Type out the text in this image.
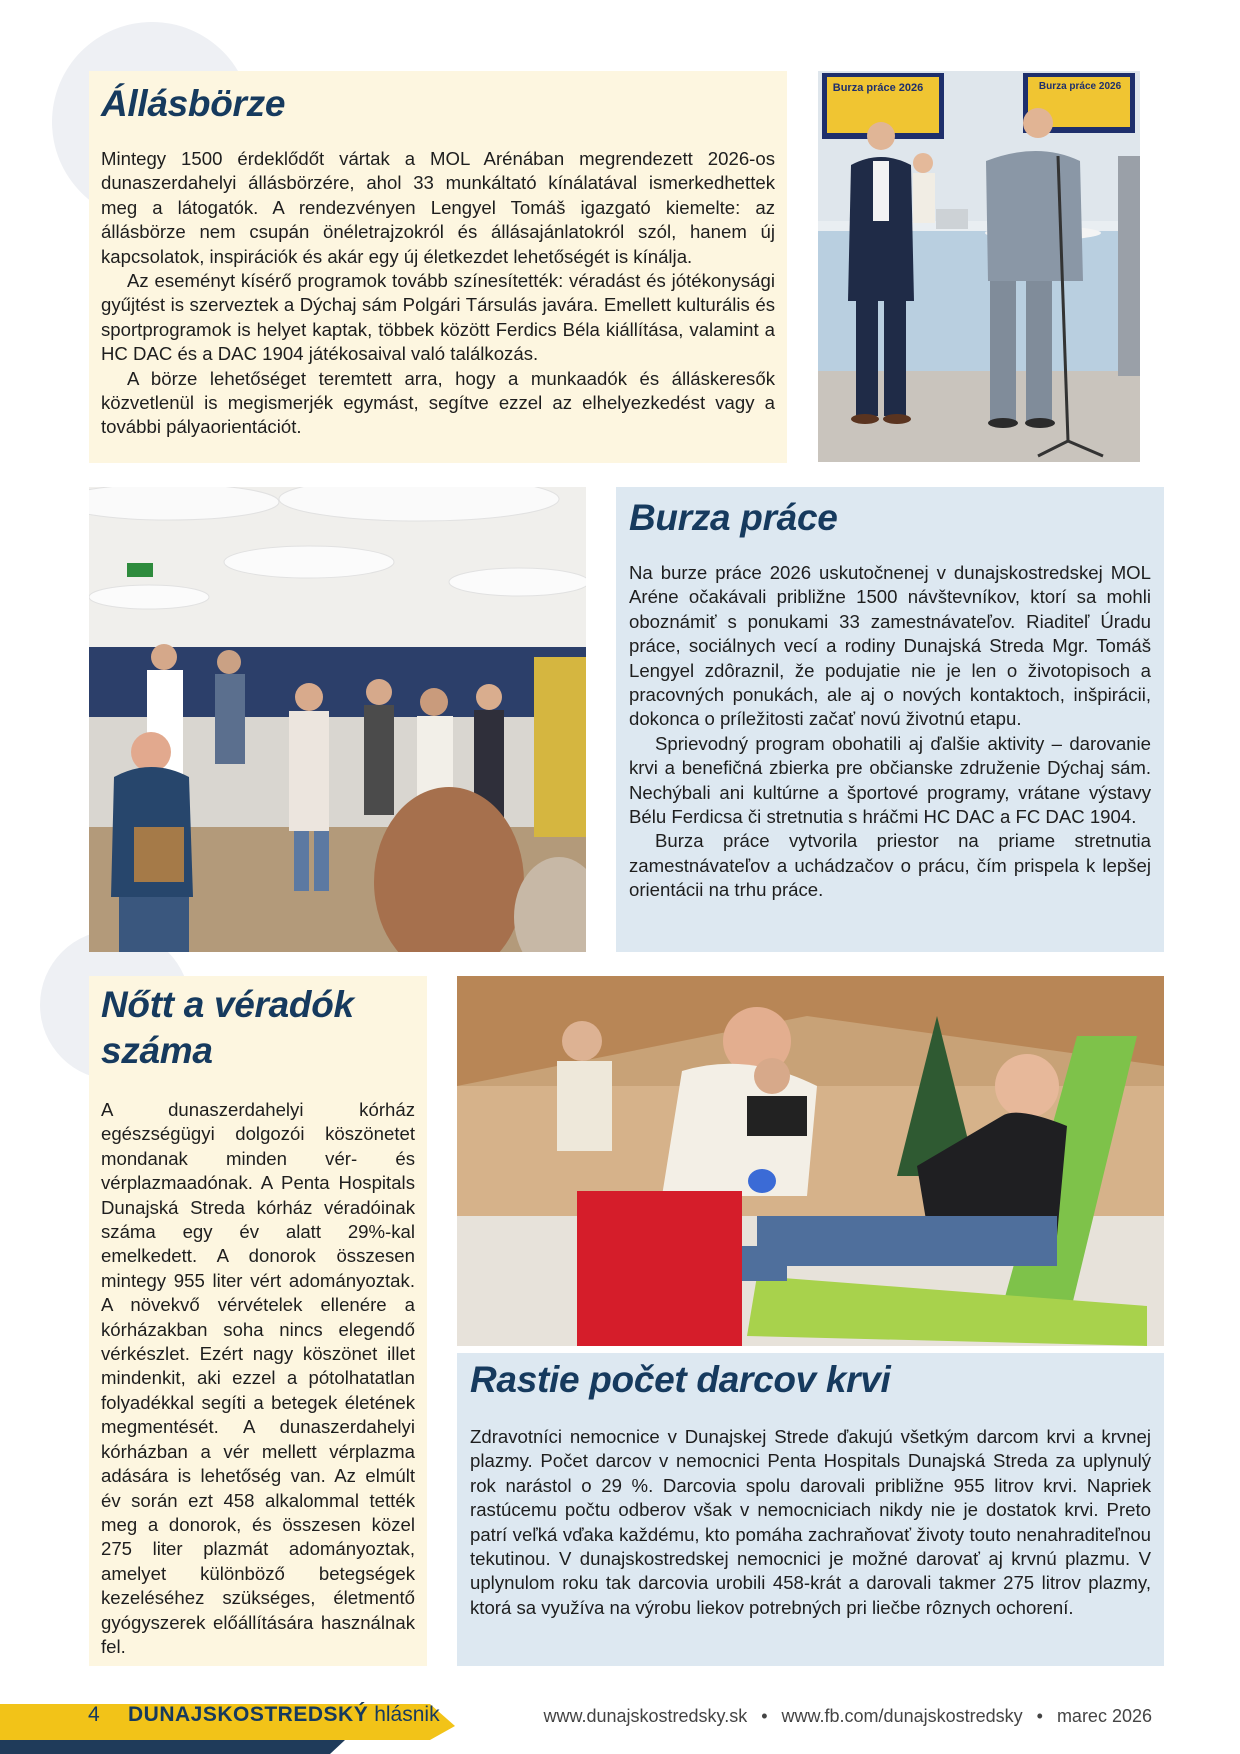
Állásbörze

Mintegy 1500 érdeklődőt vártak a MOL Arénában megrendezett 2026-os dunaszerdahelyi állásbörzére, ahol 33 munkáltató kínálatával ismerkedhettek meg a látogatók. A rendezvényen Lengyel Tomáš igazgató kiemelte: az állásbörze nem csupán önéletrajzokról és állásajánlatokról szól, hanem új kapcsolatok, inspirációk és akár egy új életkezdet lehetőségét is kínálja.

Az eseményt kísérő programok tovább színesítették: véradást és jótékonysági gyűjtést is szerveztek a Dýchaj sám Polgári Társulás javára. Emellett kulturális és sportprogramok is helyet kaptak, többek között Ferdics Béla kiállítása, valamint a HC DAC és a DAC 1904 játékosaival való találkozás.

A börze lehetőséget teremtett arra, hogy a munkaadók és álláskeresők közvetlenül is megismerjék egymást, segítve ezzel az elhelyezkedést vagy a további pályaorientációt.

Burza práce 2026	Burza práce 2026
Burza práce

Na burze práce 2026 uskutočnenej v dunajskostredskej MOL Aréne očakávali približne 1500 návštevníkov, ktorí sa mohli oboznámiť s ponukami 33 zamestnávateľov. Riaditeľ Úradu práce, sociálnych vecí a rodiny Dunajská Streda Mgr. Tomáš Lengyel zdôraznil, že podujatie nie je len o životopisoch a pracovných ponukách, ale aj o nových kontaktoch, inšpirácii, dokonca o príležitosti začať novú životnú etapu.

Sprievodný program obohatili aj ďalšie aktivity – darovanie krvi a benefičná zbierka pre občianske združenie Dýchaj sám. Nechýbali ani kultúrne a športové programy, vrátane výstavy Bélu Ferdicsa či stretnutia s hráčmi HC DAC a FC DAC 1904.

Burza práce vytvorila priestor na priame stretnutia zamestnávateľov a uchádzačov o prácu, čím prispela k lepšej orientácii na trhu práce.

Nőtt a véradók
száma

A dunaszerdahelyi kórház egészségügyi dolgozói köszönetet mondanak minden vér- és vérplazmaadónak. A Penta Hospitals Dunajská Streda kórház véradóinak száma egy év alatt 29%-kal emelkedett. A donorok összesen mintegy 955 liter vért adományoztak. A növekvő vérvételek ellenére a kórházakban soha nincs elegendő vérkészlet. Ezért nagy köszönet illet mindenkit, aki ezzel a pótolhatatlan folyadékkal segíti a betegek életének megmentését. A dunaszerdahelyi kórházban a vér mellett vérplazma adására is lehetőség van. Az elmúlt év során ezt 458 alkalommal tették meg a donorok, és összesen közel 275 liter plazmát adományoztak, amelyet különböző betegségek kezeléséhez szükséges, életmentő gyógyszerek előállítására használnak fel.

Rastie počet darcov krvi

Zdravotníci nemocnice v Dunajskej Strede ďakujú všetkým darcom krvi a krvnej plazmy. Počet darcov v nemocnici Penta Hospitals Dunajská Streda za uplynulý rok narástol o 29 %. Darcovia spolu darovali približne 955 litrov krvi. Napriek rastúcemu počtu odberov však v nemocniciach nikdy nie je dostatok krvi. Preto patrí veľká vďaka každému, kto pomáha zachraňovať životy touto nenahraditeľnou tekutinou. V dunajskostredskej nemocnici je možné darovať aj krvnú plazmu. V uplynulom roku tak darcovia urobili 458-krát a darovali takmer 275 litrov plazmy, ktorá sa využíva na výrobu liekov potrebných pri liečbe rôznych ochorení.

4 DUNAJSKOSTREDSKÝ hlásnik	www.dunajskostredsky.sk • www.fb.com/dunajskostredsky • marec 2026
